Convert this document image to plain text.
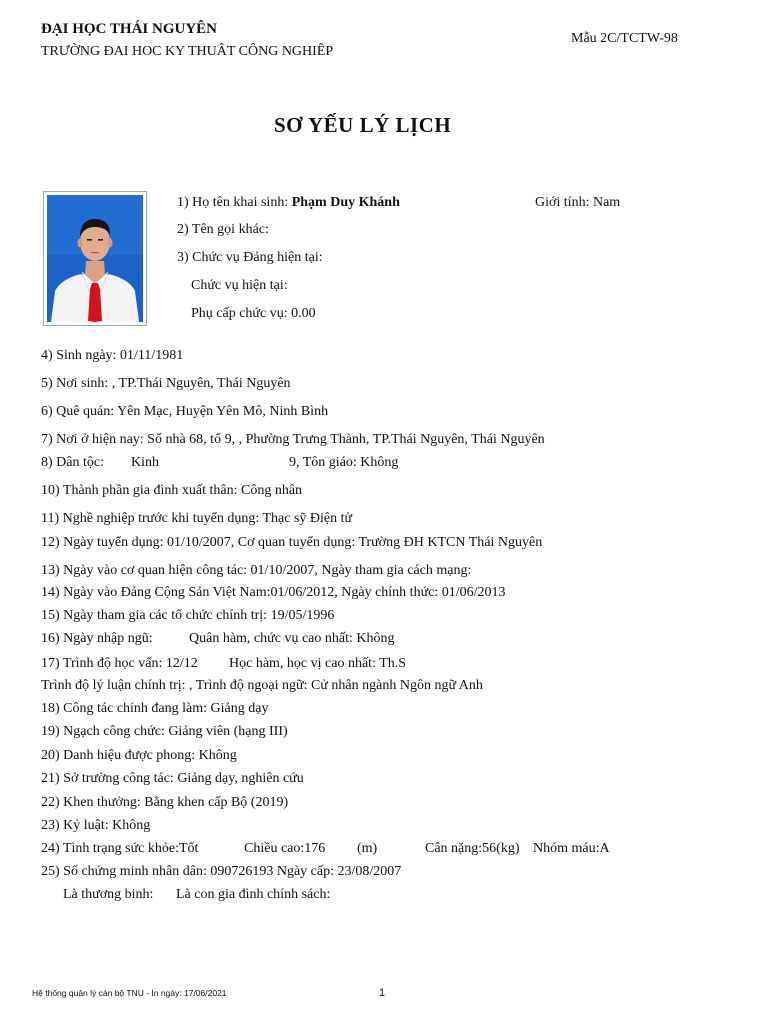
ĐẠI HỌC THÁI NGUYÊN
TRƯỜNG ĐAI HOC KY THUÂT CÔNG NGHIÊP
Mẫu 2C/TCTW-98
SƠ YẾU LÝ LỊCH
1) Họ tên khai sinh: Phạm Duy Khánh	Giới tính: Nam
2) Tên gọi khác:
3) Chức vụ Đảng hiện tại:
Chức vụ hiện tại:
Phụ cấp chức vụ: 0.00
4) Sinh ngày: 01/11/1981
5) Nơi sinh: , TP.Thái Nguyên, Thái Nguyên
6) Quê quán: Yên Mạc, Huyện Yên Mô, Ninh Bình
7) Nơi ở hiện nay: Số nhà 68, tổ 9, , Phường Trưng Thành, TP.Thái Nguyên, Thái Nguyên
8) Dân tộc: Kinh	9, Tôn giáo: Không
10) Thành phần gia đình xuất thân: Công nhân
11) Nghề nghiệp trước khi tuyển dụng: Thạc sỹ Điện tử
12) Ngày tuyển dụng: 01/10/2007, Cơ quan tuyển dụng: Trường ĐH KTCN Thái Nguyên
13) Ngày vào cơ quan hiện công tác: 01/10/2007, Ngày tham gia cách mạng:
14) Ngày vào Đảng Cộng Sản Việt Nam:01/06/2012, Ngày chính thức: 01/06/2013
15) Ngày tham gia các tổ chức chính trị: 19/05/1996
16) Ngày nhập ngũ:	Quân hàm, chức vụ cao nhất: Không
17) Trình độ học vấn: 12/12 Học hàm, học vị cao nhất: Th.S
Trình độ lý luận chính trị: , Trình độ ngoại ngữ: Cử nhân ngành Ngôn ngữ Anh
18) Công tác chính đang làm: Giảng dạy
19) Ngạch công chức: Giảng viên (hạng III)
20) Danh hiệu được phong: Không
21) Sở trường công tác: Giảng dạy, nghiên cứu
22) Khen thưởng: Bằng khen cấp Bộ (2019)
23) Kỷ luật: Không
24) Tình trạng sức khỏe:Tốt	Chiều cao:176 (m)	Cân nặng:56(kg) Nhóm máu:A
25) Số chứng minh nhân dân: 090726193 Ngày cấp: 23/08/2007
Là thương binh: Là con gia đình chính sách:
Hệ thống quản lý cán bộ TNU - In ngày: 17/06/2021	1
